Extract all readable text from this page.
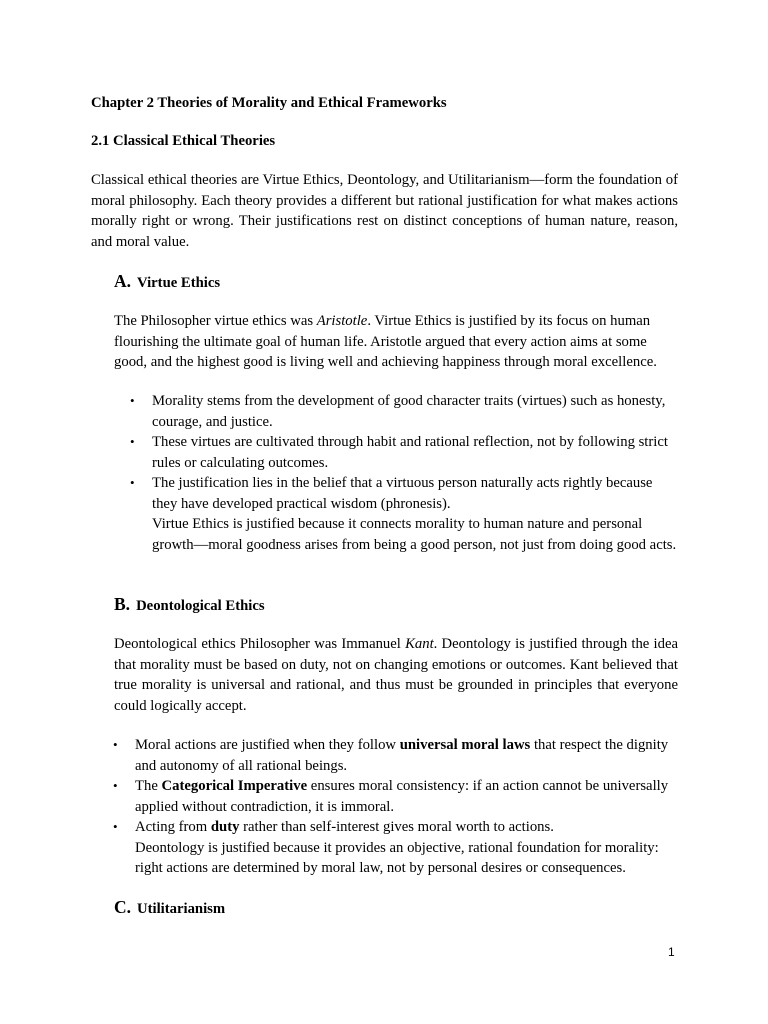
Chapter 2 Theories of Morality and Ethical Frameworks
2.1 Classical Ethical Theories
Classical ethical theories are Virtue Ethics, Deontology, and Utilitarianism—form the foundation of moral philosophy. Each theory provides a different but rational justification for what makes actions morally right or wrong. Their justifications rest on distinct conceptions of human nature, reason, and moral value.
A. Virtue Ethics
The Philosopher virtue ethics was Aristotle. Virtue Ethics is justified by its focus on human flourishing the ultimate goal of human life. Aristotle argued that every action aims at some good, and the highest good is living well and achieving happiness through moral excellence.
• Morality stems from the development of good character traits (virtues) such as honesty, courage, and justice.
• These virtues are cultivated through habit and rational reflection, not by following strict rules or calculating outcomes.
• The justification lies in the belief that a virtuous person naturally acts rightly because they have developed practical wisdom (phronesis).
Virtue Ethics is justified because it connects morality to human nature and personal growth—moral goodness arises from being a good person, not just from doing good acts.
B. Deontological Ethics
Deontological ethics Philosopher was Immanuel Kant. Deontology is justified through the idea that morality must be based on duty, not on changing emotions or outcomes. Kant believed that true morality is universal and rational, and thus must be grounded in principles that everyone could logically accept.
• Moral actions are justified when they follow universal moral laws that respect the dignity and autonomy of all rational beings.
• The Categorical Imperative ensures moral consistency: if an action cannot be universally applied without contradiction, it is immoral.
• Acting from duty rather than self-interest gives moral worth to actions.
Deontology is justified because it provides an objective, rational foundation for morality: right actions are determined by moral law, not by personal desires or consequences.
C. Utilitarianism
1
